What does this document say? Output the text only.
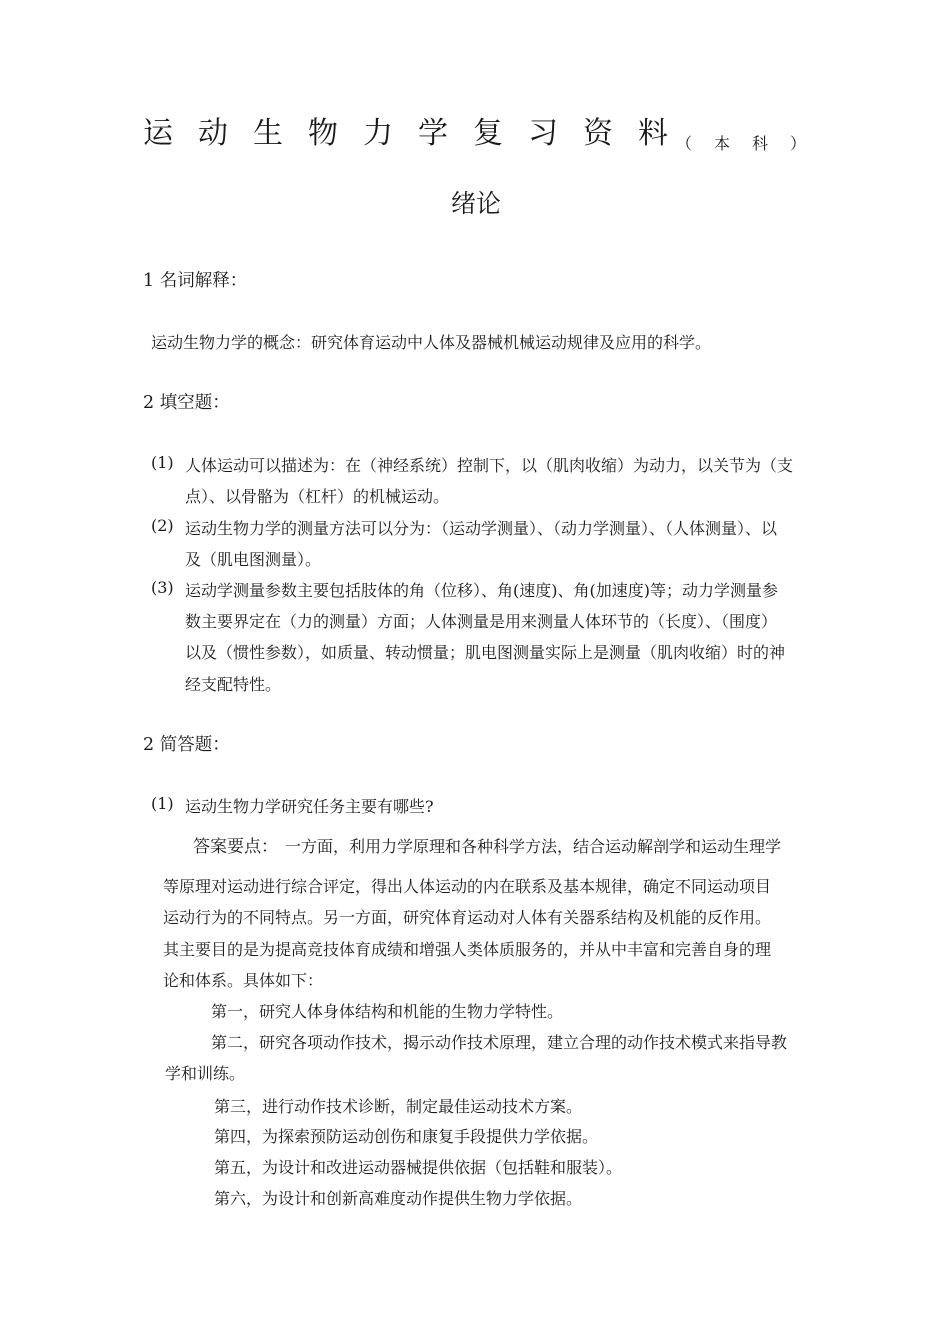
运动生物力学复习资料
（本科）
绪论
1 名词解释：
运动生物力学的概念：研究体育运动中人体及器械机械运动规律及应用的科学。
2 填空题：
(1) 人体运动可以描述为：在（神经系统）控制下，以（肌肉收缩）为动力，以关节为（支
点）、以骨骼为（杠杆）的机械运动。
(2) 运动生物力学的测量方法可以分为：（运动学测量）、（动力学测量）、（人体测量）、以
及（肌电图测量）。
(3) 运动学测量参数主要包括肢体的角（位移）、角(速度)、角(加速度)等；动力学测量参
数主要界定在（力的测量）方面；人体测量是用来测量人体环节的（长度）、（围度）
以及（惯性参数），如质量、转动惯量；肌电图测量实际上是测量（肌肉收缩）时的神
经支配特性。
2 简答题：
(1) 运动生物力学研究任务主要有哪些?
答案要点： 一方面，利用力学原理和各种科学方法，结合运动解剖学和运动生理学
等原理对运动进行综合评定，得出人体运动的内在联系及基本规律，确定不同运动项目
运动行为的不同特点。另一方面，研究体育运动对人体有关器系结构及机能的反作用。
其主要目的是为提高竞技体育成绩和增强人类体质服务的，并从中丰富和完善自身的理
论和体系。具体如下：
第一，研究人体身体结构和机能的生物力学特性。
第二，研究各项动作技术，揭示动作技术原理，建立合理的动作技术模式来指导教
学和训练。
第三，进行动作技术诊断，制定最佳运动技术方案。
第四，为探索预防运动创伤和康复手段提供力学依据。
第五，为设计和改进运动器械提供依据（包括鞋和服装）。
第六，为设计和创新高难度动作提供生物力学依据。
